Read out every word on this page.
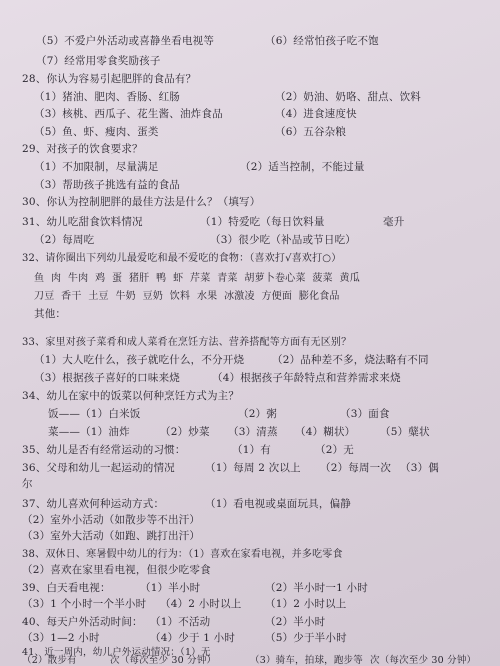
（5）不爱户外活动或喜静坐看电视等	（6）经常怕孩子吃不饱
（7）经常用零食奖励孩子
28、你认为容易引起肥胖的食品有？
（1）猪油、肥肉、香肠、红肠	（2）奶油、奶咯、甜点、饮料
（3）核桃、西瓜子、花生酱、油炸食品	（4）进食速度快
（5）鱼、虾、瘦肉、蛋类	（6）五谷杂粮
29、对孩子的饮食要求？
（1）不加限制，尽量满足	（2）适当控制，不能过量
（3）帮助孩子挑选有益的食品
30、你认为控制肥胖的最佳方法是什么？（填写）
31、幼儿吃甜食饮料情况	（1）特爱吃（每日饮料量	毫升
（2）每周吃	（3）很少吃（补品或节日吃）
32、请你圈出下列幼儿最爱吃和最不爱吃的食物：（喜欢打√喜欢打○）
鱼  肉  牛肉  鸡  蛋  猪肝  鸭  虾  芹菜  青菜  胡萝卜卷心菜  菠菜  黄瓜
刀豆  香干  土豆  牛奶  豆奶  饮料  水果  冰激凌  方便面  膨化食品
其他：
33、家里对孩子菜肴和成人菜肴在烹饪方法、营养搭配等方面有无区别？
（1）大人吃什么，孩子就吃什么，不分开烧	（2）品种差不多，烧法略有不同
（3）根据孩子喜好的口味来烧	（4）根据孩子年龄特点和营养需求来烧
34、幼儿在家中的饭菜以何种烹饪方式为主？
饭——（1）白米饭	（2）粥	（3）面食
菜——（1）油炸	（2）炒菜 （3）清蒸 （4）糊状） （5）糵状
35、幼儿是否有经常运动的习惯：	（1）有	（2）无
36、父母和幼儿一起运动的情况	（1）每周 2 次以上 （2）每周一次 （3）偶
尔
37、幼儿喜欢何种运动方式：	（1）看电视或桌面玩具，偏静
（2）室外小活动（如散步等不出汗）
（3）室外大活动（如跑、跳打出汗）
38、双休日、寒暑假中幼儿的行为：（1）喜欢在家看电视，并多吃零食
（2）喜欢在家里看电视，但很少吃零食
39、白天看电视：	（1）半小时	（2）半小时一1 小时
（3）1 个小时一个半小时 （4）2 小时以上 （1）2 小时以上
40、每天户外活动时间： （1）不活动	（2）半小时
（3）1—2 小时	（4）少于 1 小时	（5）少于半小时
41、近一周内，幼儿户外运动情况：（1）无
（2）散步有	次（每次至少 30 分钟）	（3）骑车，拍球，跑步等 次（每次至少 30 分钟）
